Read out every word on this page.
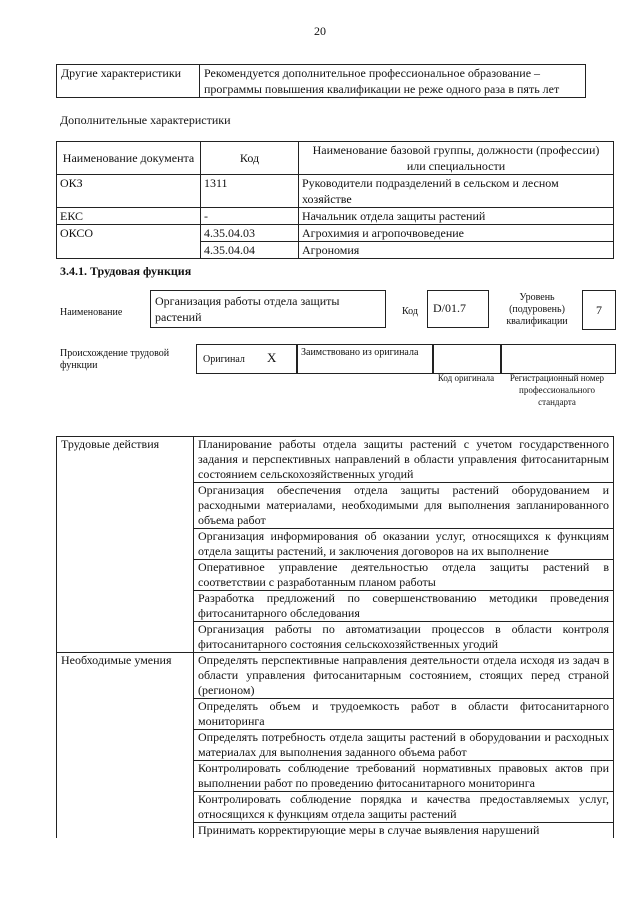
20
Другие характеристики	Рекомендуется дополнительное профессиональное образование – программы повышения квалификации не реже одного раза в пять лет
Дополнительные характеристики
Наименование документа	Код	Наименование базовой группы, должности (профессии) или специальности
ОКЗ	1311	Руководители подразделений в сельском и лесном хозяйстве
ЕКС	-	Начальник отдела защиты растений
ОКСО	4.35.04.03	Агрохимия и агропочвоведение
	4.35.04.04	Агрономия
3.4.1. Трудовая функция
Наименование
Организация работы отдела защиты растений	Код	D/01.7
Уровень (подуровень) квалификации
7
Происхождение трудовой функции
Оригинал X Заимствовано из оригинала
Код оригинала	Регистрационный номер профессионального стандарта
Трудовые действия	Планирование работы отдела защиты растений с учетом государственного задания и перспективных направлений в области управления фитосанитарным состоянием сельскохозяйственных угодий
	Организация обеспечения отдела защиты растений оборудованием и расходными материалами, необходимыми для выполнения запланированного объема работ
	Организация информирования об оказании услуг, относящихся к функциям отдела защиты растений, и заключения договоров на их выполнение
	Оперативное управление деятельностью отдела защиты растений в соответствии с разработанным планом работы
	Разработка предложений по совершенствованию методики проведения фитосанитарного обследования
	Организация работы по автоматизации процессов в области контроля фитосанитарного состояния сельскохозяйственных угодий
Необходимые умения	Определять перспективные направления деятельности отдела исходя из задач в области управления фитосанитарным состоянием, стоящих перед страной (регионом)
	Определять объем и трудоемкость работ в области фитосанитарного мониторинга
	Определять потребность отдела защиты растений в оборудовании и расходных материалах для выполнения заданного объема работ
	Контролировать соблюдение требований нормативных правовых актов при выполнении работ по проведению фитосанитарного мониторинга
	Контролировать соблюдение порядка и качества предоставляемых услуг, относящихся к функциям отдела защиты растений
	Принимать корректирующие меры в случае выявления нарушений
